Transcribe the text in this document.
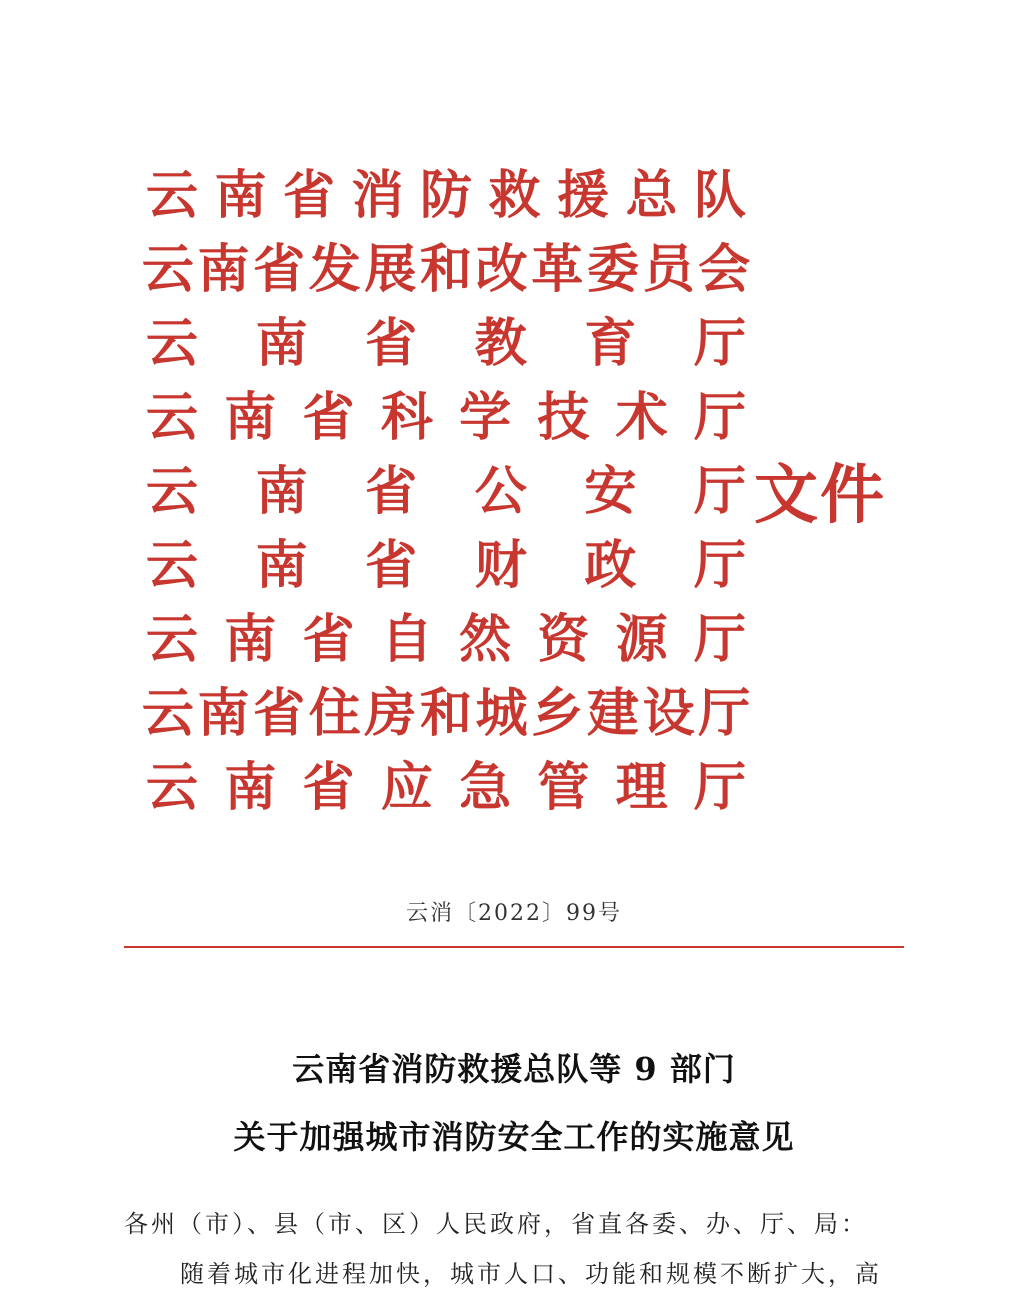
云 南 省 消 防 救 援 总 队
云 南 省 发 展 和 改 革 委 员 会
云 南 省 教 育 厅
云 南 省 科 学 技 术 厅
云 南 省 公 安 厅
云 南 省 财 政 厅
云 南 省 自 然 资 源 厅
云 南 省 住 房 和 城 乡 建 设 厅
云 南 省 应 急 管 理 厅
文件
云消〔2022〕99号
云南省消防救援总队等 9 部门
关于加强城市消防安全工作的实施意见
各州（市）、县（市、区）人民政府，省直各委、办、厅、局：
随着城市化进程加快，城市人口、功能和规模不断扩大，高
